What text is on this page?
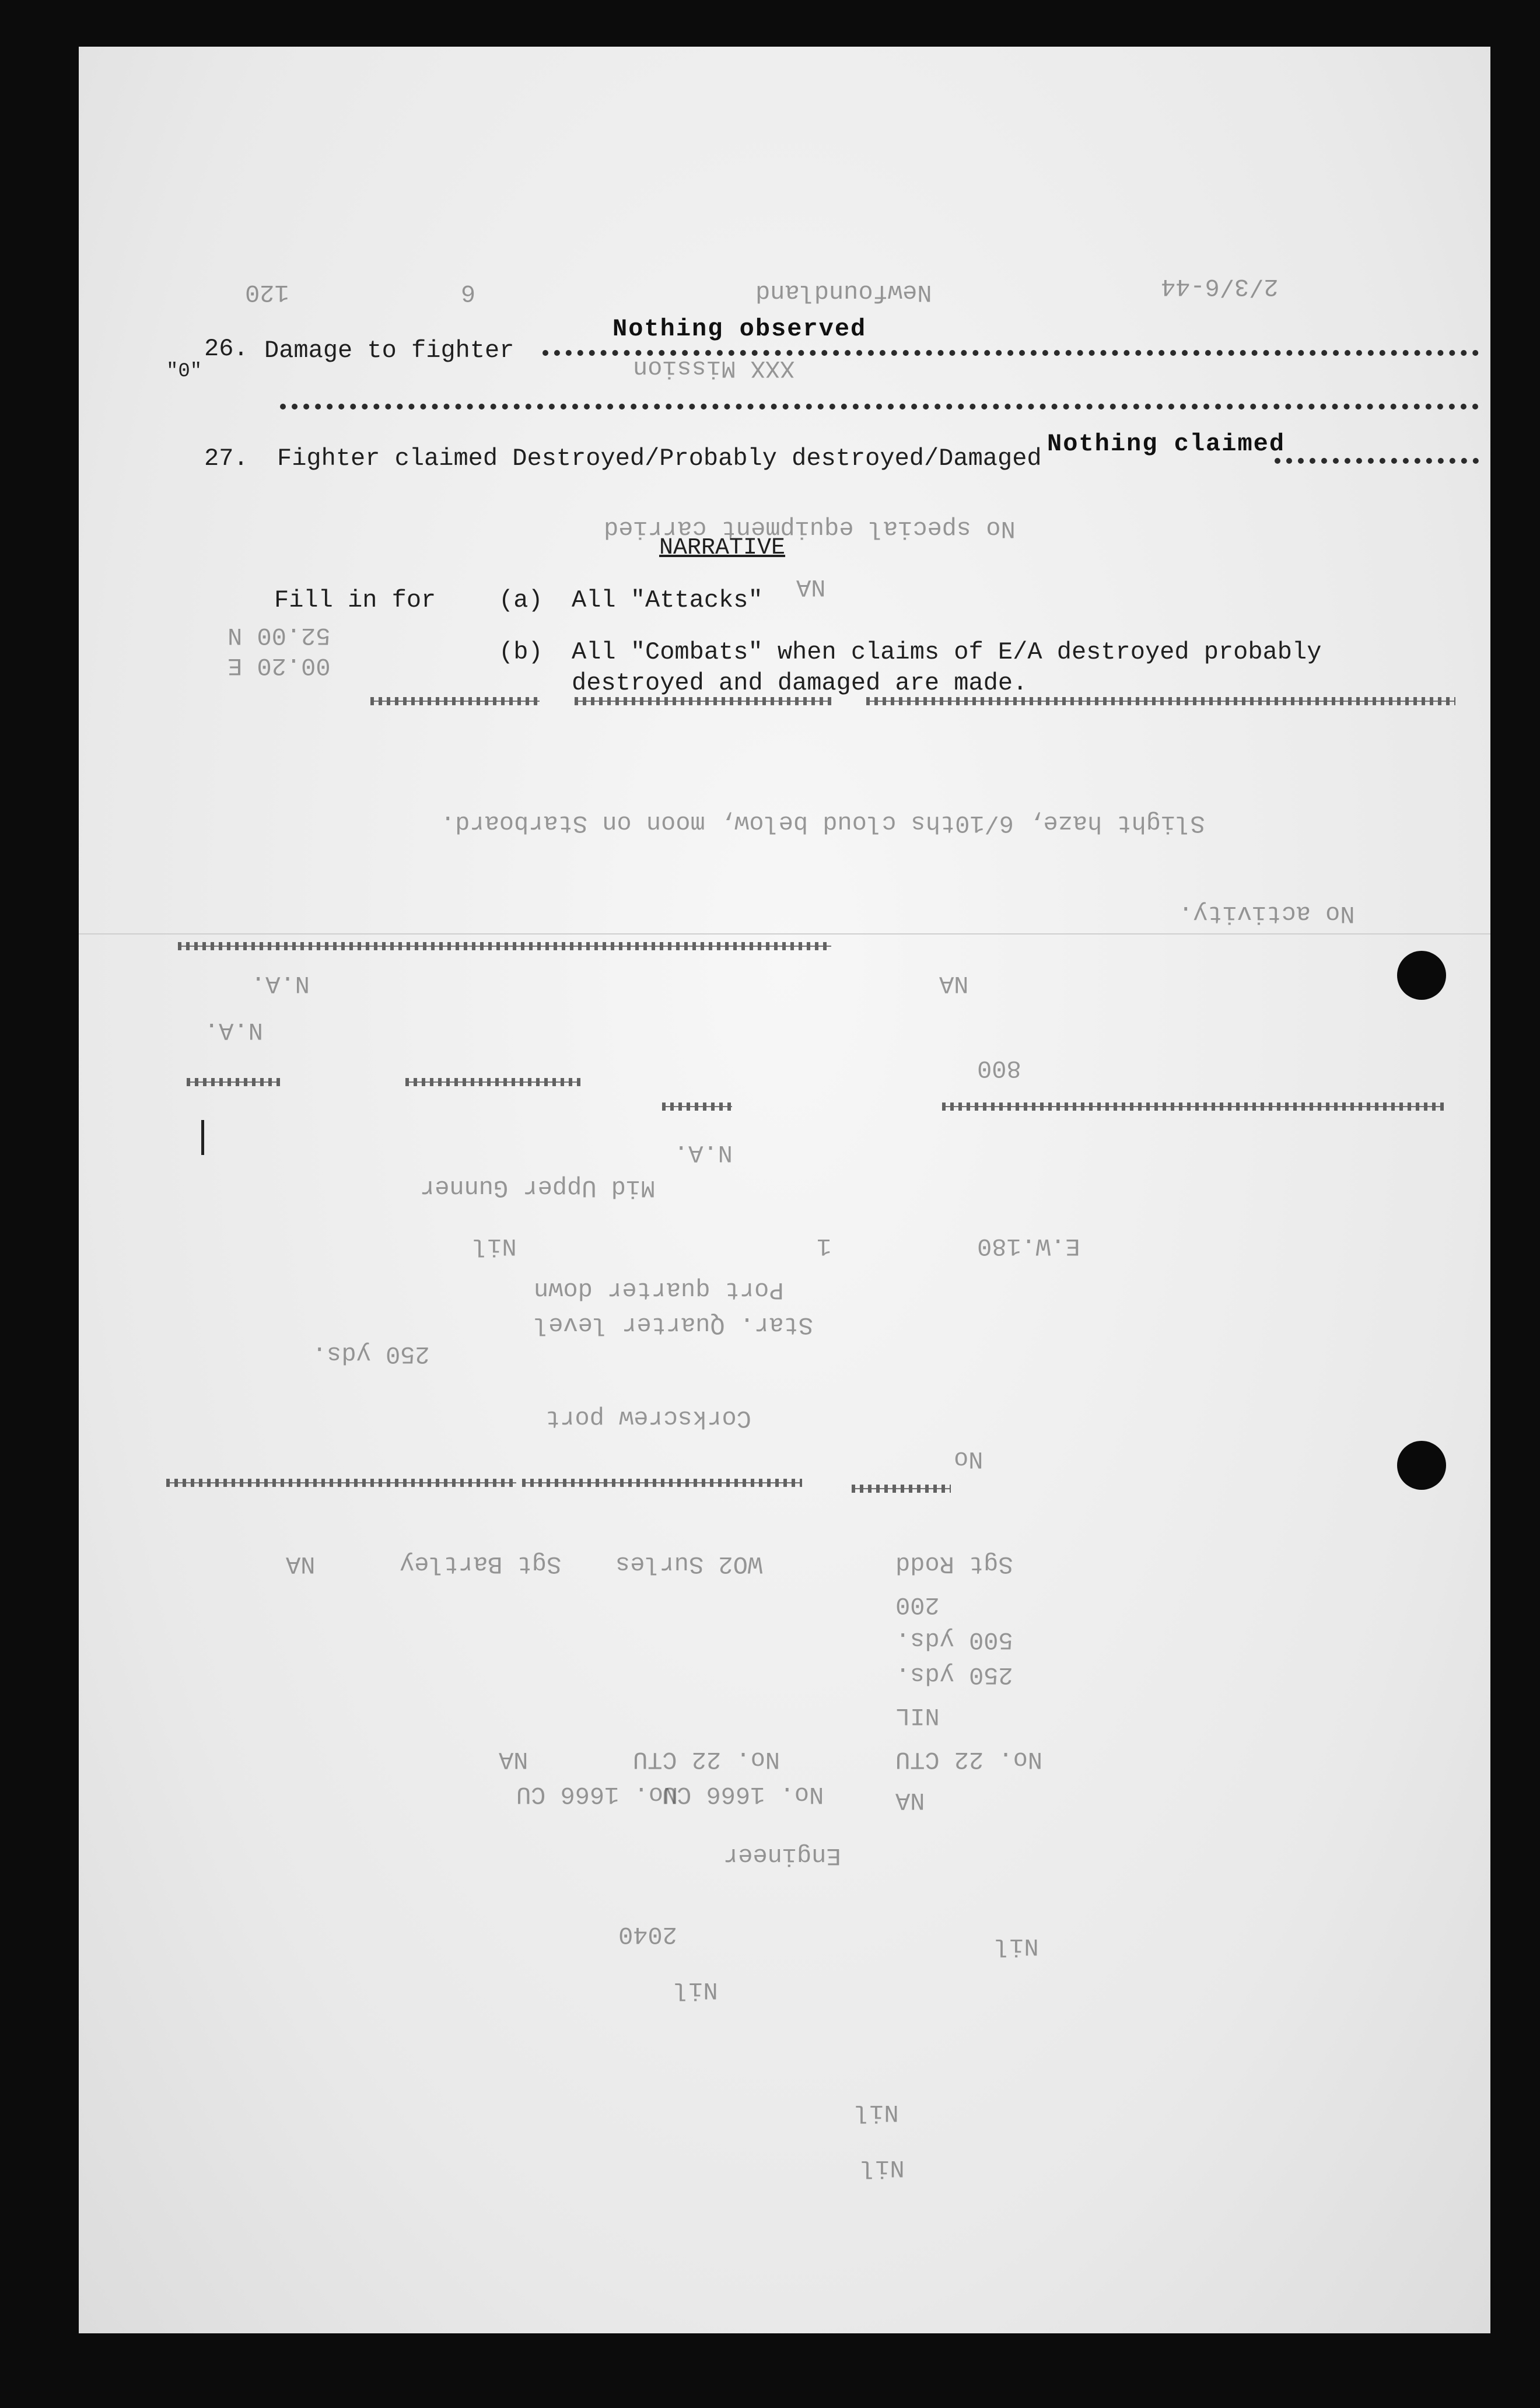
"0"
26. Damage to fighter
Nothing observed
27. Fighter claimed Destroyed/Probably destroyed/Damaged
Nothing claimed
NARRATIVE
Fill in for	(a) All "Attacks"
(b) All "Combats" when claims of E/A destroyed probably
destroyed and damaged are made.
2/3/6-44
Newfoundland
6
120
XXX Mission
No special equipment carried
NA
52.00 N
00.20 E
Slight haze, 6/10ths cloud below, moon on Starboard.
No activity.
NA
N.A.
800
N.A.
N.A.
Mid Upper Gunner
Nil	1	E.W.180
Port quarter down
Star. Quarter level
250 yds.
Corkscrew port
No
NA	Sgt Bartley WO2 Surles	Sgt Rodd
200
500 yds.
250 yds.
NIL
NA	No. 22 CTU	No. 22 CTU
No. 1666 CU
No. 1666 CU	NA
Engineer
Nil
2040
Nil
Nil
Nil
